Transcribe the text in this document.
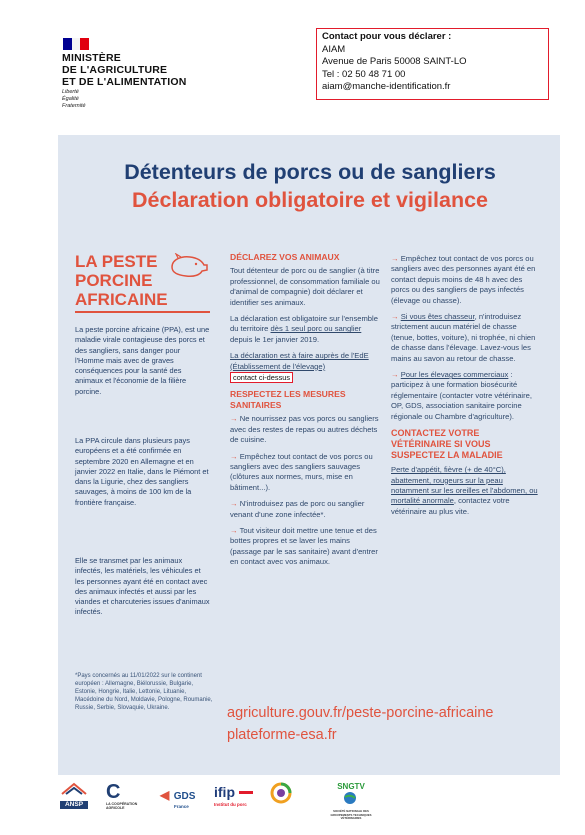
MINISTÈRE
DE L'AGRICULTURE
ET DE L'ALIMENTATION
Liberté
Égalité
Fraternité
Contact pour vous déclarer :
AIAM
Avenue de Paris 50008 SAINT-LO
Tel : 02 50 48 71 00
aiam@manche-identification.fr
Détenteurs de porcs ou de sangliers
Déclaration obligatoire et vigilance
LA PESTE
PORCINE
AFRICAINE
La peste porcine africaine (PPA), est une maladie virale contagieuse des porcs et des sangliers, sans danger pour l'Homme mais avec de graves conséquences pour la santé des animaux et l'économie de la filière porcine.
La PPA circule dans plusieurs pays européens et a été confirmée en septembre 2020 en Allemagne et en janvier 2022 en Italie, dans le Piémont et dans la Ligurie, chez des sangliers sauvages, à moins de 100 km de la frontière française.
Elle se transmet par les animaux infectés, les matériels, les véhicules et les personnes ayant été en contact avec des animaux infectés et aussi par les viandes et charcuteries issues d'animaux infectés.
*Pays concernés au 11/01/2022 sur le continent européen : Allemagne, Biélorussie, Bulgarie, Estonie, Hongrie, Italie, Lettonie, Lituanie, Macédoine du Nord, Moldavie, Pologne, Roumanie, Russie, Serbie, Slovaquie, Ukraine.
DÉCLAREZ VOS ANIMAUX

Tout détenteur de porc ou de sanglier (à titre professionnel, de consommation familiale ou d'animal de compagnie) doit déclarer et identifier ses animaux.

La déclaration est obligatoire sur l'ensemble du territoire dès 1 seul porc ou sanglier depuis le 1er janvier 2019.

La déclaration est à faire auprès de l'EdE (Établissement de l'élevage) contact ci-dessus

RESPECTEZ LES MESURES SANITAIRES

→ Ne nourrissez pas vos porcs ou sangliers avec des restes de repas ou autres déchets de cuisine.

→ Empêchez tout contact de vos porcs ou sangliers avec des sangliers sauvages (clôtures aux normes, murs, mise en bâtiment...).

→ N'introduisez pas de porc ou sanglier venant d'une zone infectée*.

→ Tout visiteur doit mettre une tenue et des bottes propres et se laver les mains (passage par le sas sanitaire) avant d'entrer en contact avec vos animaux.

→ Empêchez tout contact de vos porcs ou sangliers avec des personnes ayant été en contact depuis moins de 48 h avec des porcs ou des sangliers de pays infectés (élevage ou chasse).

→ Si vous êtes chasseur, n'introduisez strictement aucun matériel de chasse (tenue, bottes, voiture), ni trophée, ni chien de chasse dans l'élevage. Lavez-vous les mains au savon au retour de chasse.

→ Pour les élevages commerciaux : participez à une formation biosécurité réglementaire (contacter votre vétérinaire, OP, GDS, association sanitaire porcine régionale ou Chambre d'agriculture).

CONTACTEZ VOTRE VÉTÉRINAIRE SI VOUS SUSPECTEZ LA MALADIE

Perte d'appétit, fièvre (+ de 40°C), abattement, rougeurs sur la peau notamment sur les oreilles et l'abdomen, ou mortalité anormale, contactez votre vétérinaire au plus vite.

agriculture.gouv.fr/peste-porcine-africaine
plateforme-esa.fr
ANSP
C
LA COOPÉRATION AGRICOLE
◀ GDS
France
ifip
Institut du porc
SNGTV
SOCIÉTÉ NATIONALE DES GROUPEMENTS TECHNIQUES VÉTÉRINAIRES
